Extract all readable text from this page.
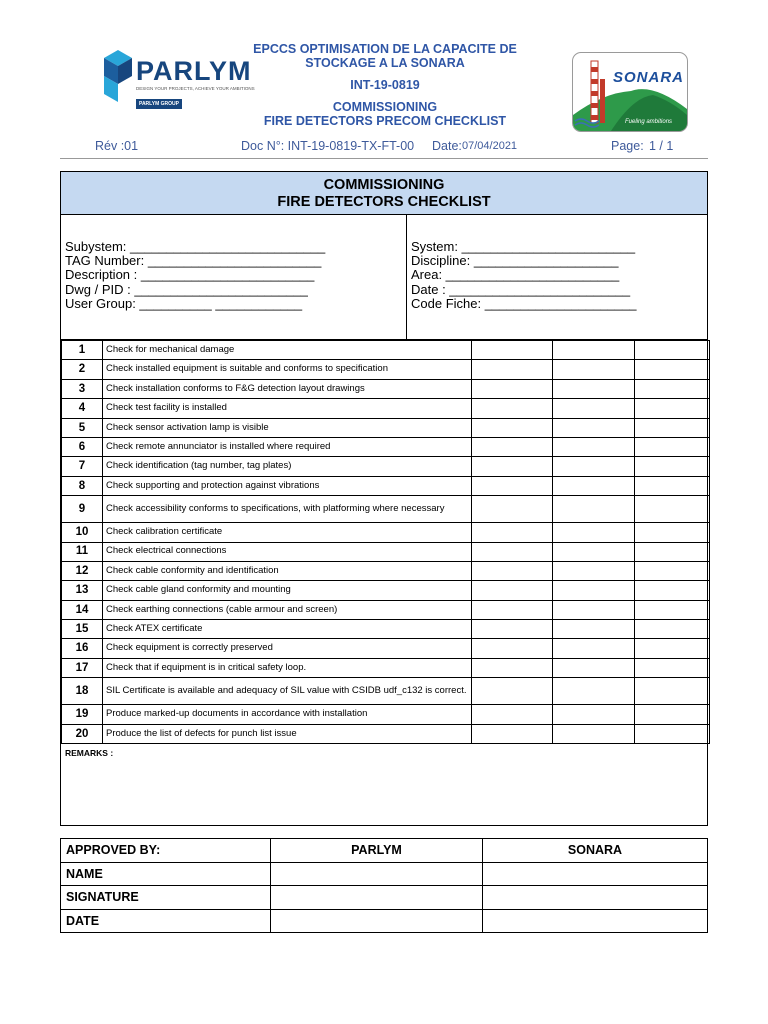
PARLYM
DESIGN YOUR PROJECTS, ACHIEVE YOUR AMBITIONS
PARLYM GROUP
EPCCS OPTIMISATION DE LA CAPACITE DE
STOCKAGE A LA SONARA
INT-19-0819
COMMISSIONING
FIRE DETECTORS PRECOM CHECKLIST
SONARA
Fueling ambitions
Rév :01	Doc N°: INT-19-0819-TX-FT-00 Date: 07/04/2021	Page: 1 / 1
COMMISSIONING
FIRE DETECTORS CHECKLIST
Subystem: ___________________________
TAG Number: ________________________
Description : ________________________
Dwg / PID : ________________________
User Group: __________ ____________
System: ________________________
Discipline: ____________________
Area: ________________________
Date : _________________________
Code Fiche: _____________________
1	Check for mechanical damage			
2	Check installed equipment is suitable and conforms to specification			
3	Check installation conforms to F&G detection layout drawings			
4	Check test facility is installed			
5	Check sensor activation lamp is visible			
6	Check remote annunciator is installed where required			
7	Check identification (tag number, tag plates)			
8	Check supporting and protection against vibrations			
9	Check accessibility conforms to specifications, with platforming where necessary			
10	Check calibration certificate			
11	Check electrical connections			
12	Check cable conformity and identification			
13	Check cable gland conformity and mounting			
14	Check earthing connections (cable armour and screen)			
15	Check ATEX certificate			
16	Check equipment is correctly preserved			
17	Check that if equipment is in critical safety loop.			
18	SIL Certificate is available and adequacy of SIL value with CSIDB udf_c132 is correct.			
19	Produce marked-up documents in accordance with installation			
20	Produce the list of defects for punch list issue			
REMARKS :
APPROVED BY:	PARLYM	SONARA
NAME		
SIGNATURE		
DATE		
